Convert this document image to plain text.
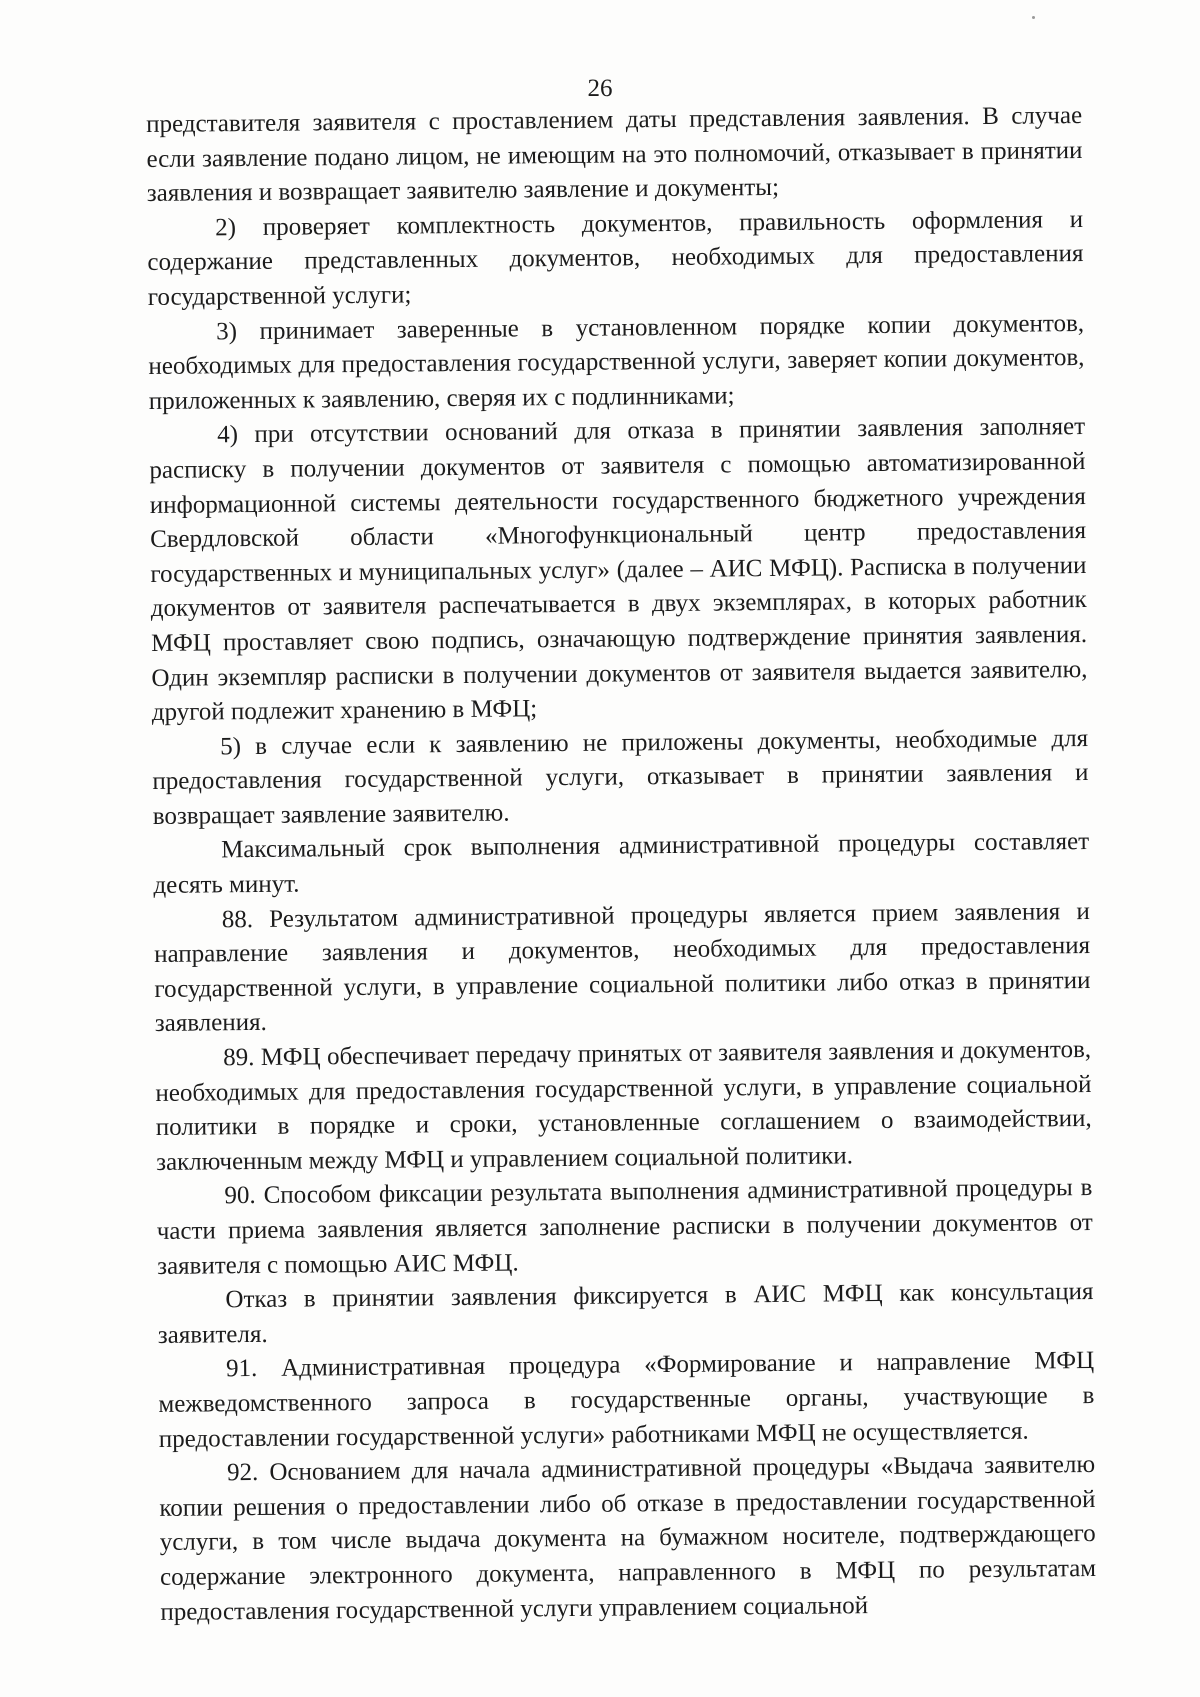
26

представителя заявителя с проставлением даты представления заявления. В случае если заявление подано лицом, не имеющим на это полномочий, отказывает в принятии заявления и возвращает заявителю заявление и документы;

2) проверяет комплектность документов, правильность оформления и содержание представленных документов, необходимых для предоставления государственной услуги;

3) принимает заверенные в установленном порядке копии документов, необходимых для предоставления государственной услуги, заверяет копии документов, приложенных к заявлению, сверяя их с подлинниками;

4) при отсутствии оснований для отказа в принятии заявления заполняет расписку в получении документов от заявителя с помощью автоматизированной информационной системы деятельности государственного бюджетного учреждения Свердловской области «Многофункциональный центр предоставления государственных и муниципальных услуг» (далее – АИС МФЦ). Расписка в получении документов от заявителя распечатывается в двух экземплярах, в которых работник МФЦ проставляет свою подпись, означающую подтверждение принятия заявления. Один экземпляр расписки в получении документов от заявителя выдается заявителю, другой подлежит хранению в МФЦ;

5) в случае если к заявлению не приложены документы, необходимые для предоставления государственной услуги, отказывает в принятии заявления и возвращает заявление заявителю.

Максимальный срок выполнения административной процедуры составляет десять минут.

88. Результатом административной процедуры является прием заявления и направление заявления и документов, необходимых для предоставления государственной услуги, в управление социальной политики либо отказ в принятии заявления.

89. МФЦ обеспечивает передачу принятых от заявителя заявления и документов, необходимых для предоставления государственной услуги, в управление социальной политики в порядке и сроки, установленные соглашением о взаимодействии, заключенным между МФЦ и управлением социальной политики.

90. Способом фиксации результата выполнения административной процедуры в части приема заявления является заполнение расписки в получении документов от заявителя с помощью АИС МФЦ.

Отказ в принятии заявления фиксируется в АИС МФЦ как консультация заявителя.

91. Административная процедура «Формирование и направление МФЦ межведомственного запроса в государственные органы, участвующие в предоставлении государственной услуги» работниками МФЦ не осуществляется.

92. Основанием для начала административной процедуры «Выдача заявителю копии решения о предоставлении либо об отказе в предоставлении государственной услуги, в том числе выдача документа на бумажном носителе, подтверждающего содержание электронного документа, направленного в МФЦ по результатам предоставления государственной услуги управлением социальной
